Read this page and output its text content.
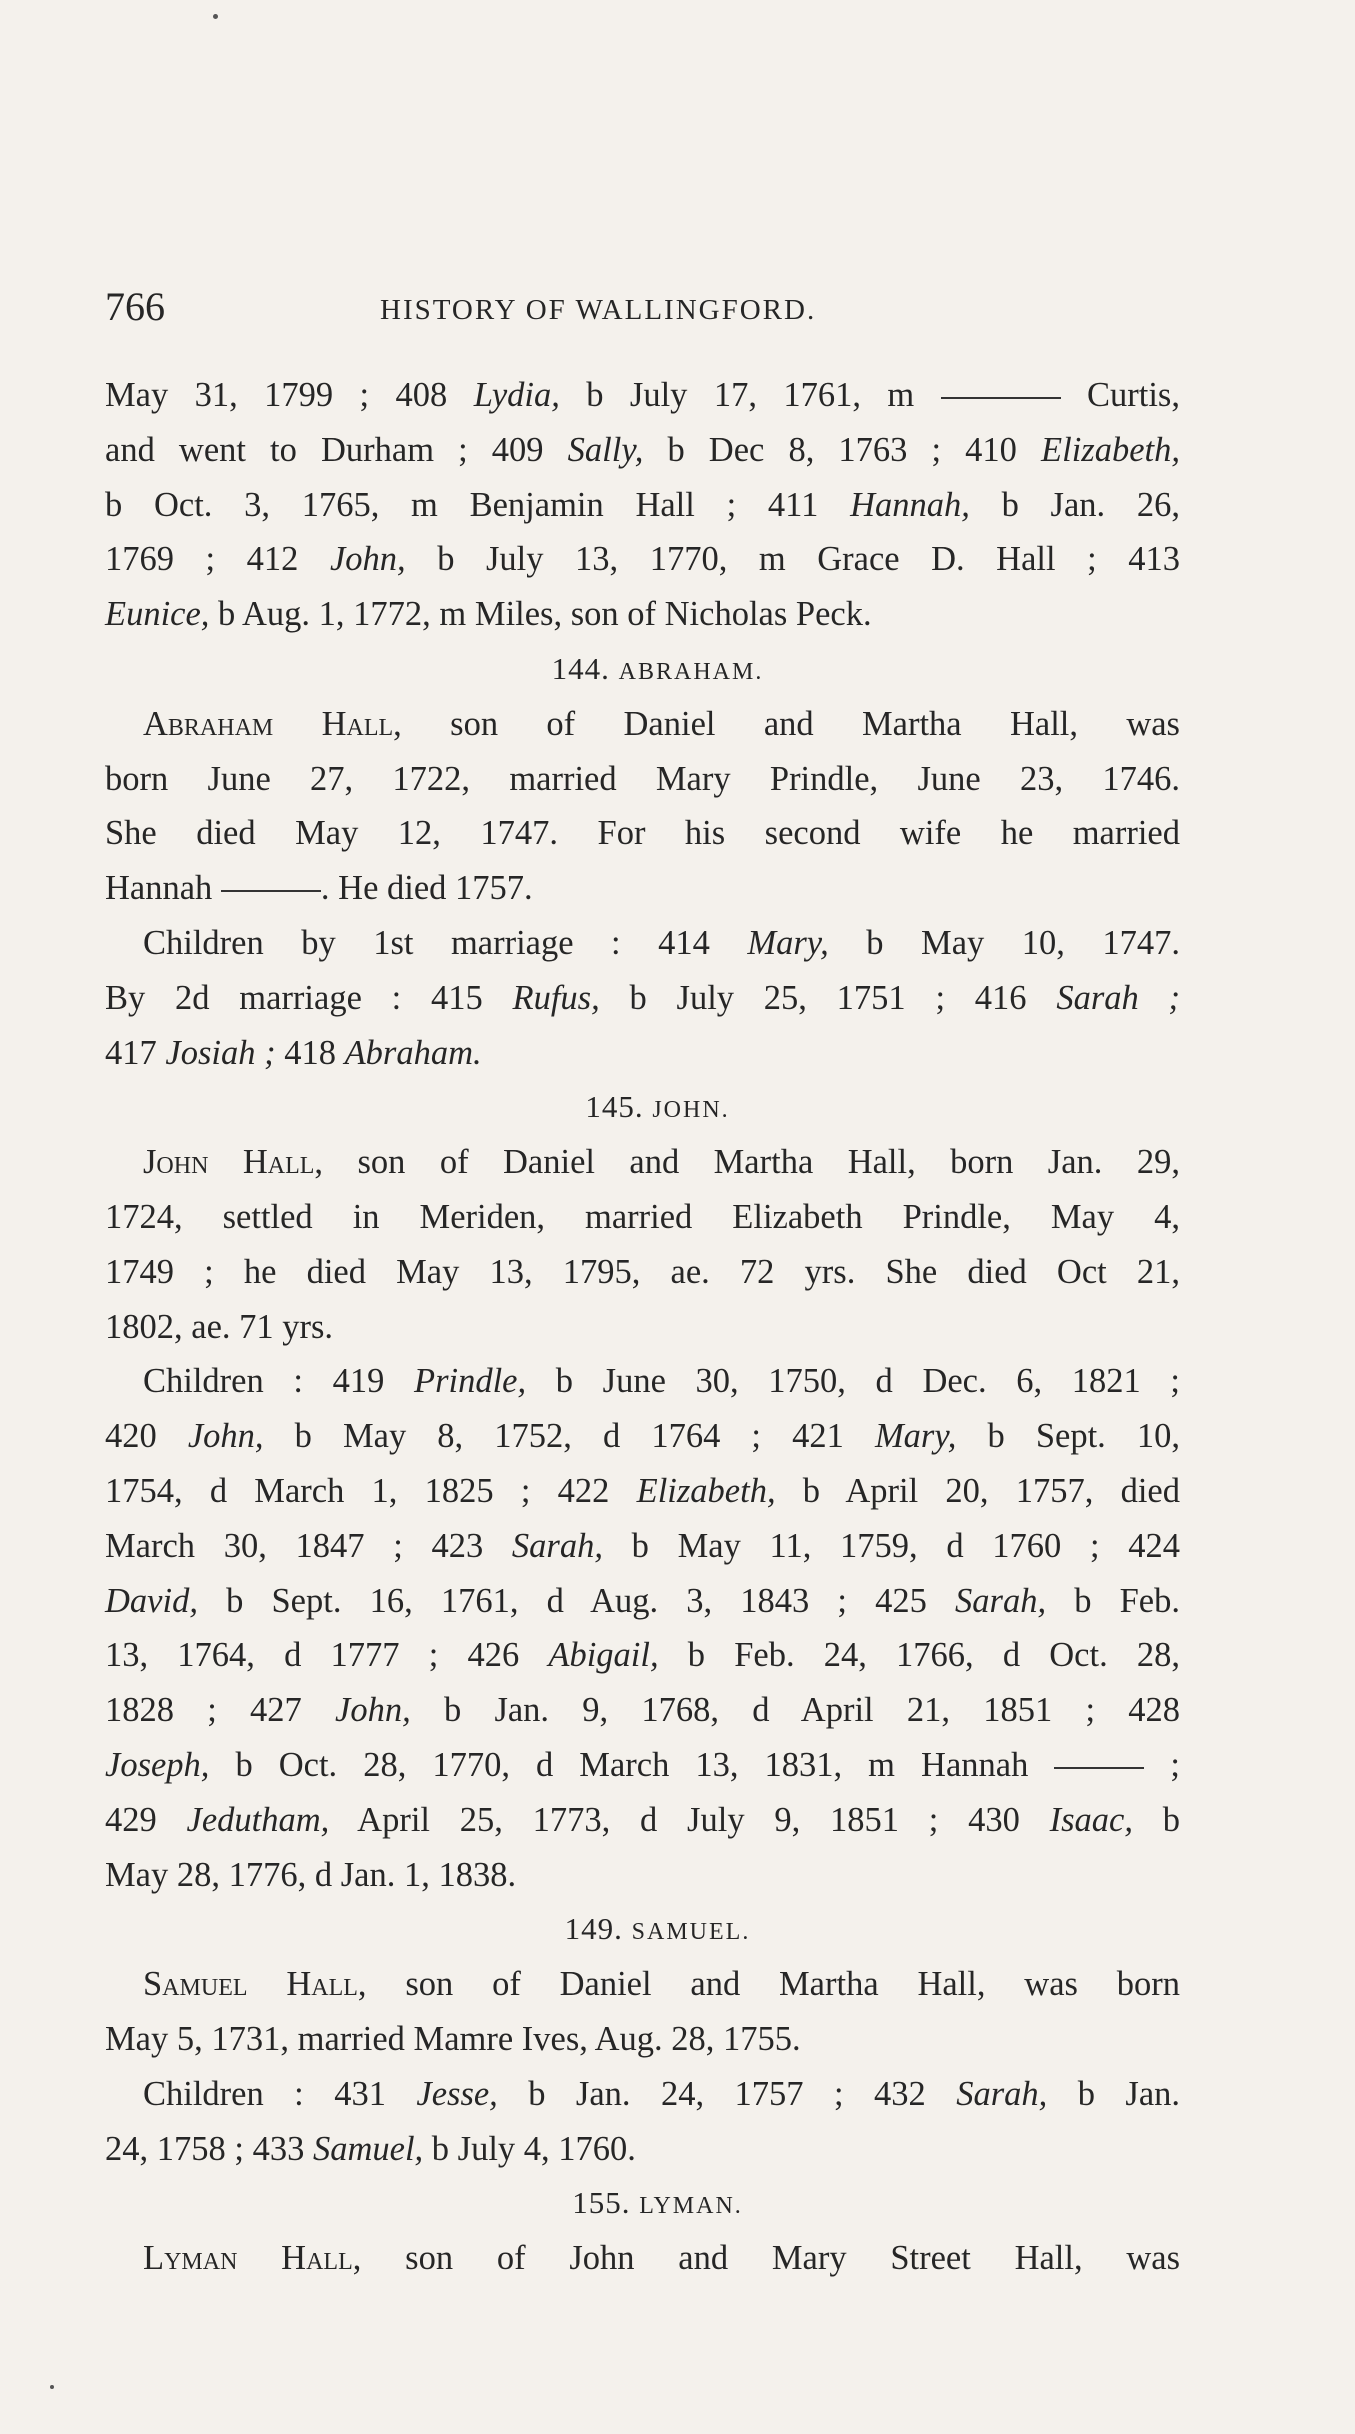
766	HISTORY OF WALLINGFORD.
May 31, 1799 ; 408 Lydia, b July 17, 1761, m	Curtis,
and went to Durham ; 409 Sally, b Dec 8, 1763 ; 410 Elizabeth,
b Oct. 3, 1765, m Benjamin Hall ; 411 Hannah, b Jan. 26,
1769 ; 412 John, b July 13, 1770, m Grace D. Hall ; 413
Eunice, b Aug. 1, 1772, m Miles, son of Nicholas Peck.
144. ABRAHAM.
Abraham Hall, son of Daniel and Martha Hall, was
born June 27, 1722, married Mary Prindle, June 23, 1746.
She died May 12, 1747. For his second wife he married
Hannah	. He died 1757.
Children by 1st marriage : 414 Mary, b May 10, 1747.
By 2d marriage : 415 Rufus, b July 25, 1751 ; 416 Sarah ;
417 Josiah ; 418 Abraham.
145. JOHN.
John Hall, son of Daniel and Martha Hall, born Jan. 29,
1724, settled in Meriden, married Elizabeth Prindle, May 4,
1749 ; he died May 13, 1795, ae. 72 yrs. She died Oct 21,
1802, ae. 71 yrs.
Children : 419 Prindle, b June 30, 1750, d Dec. 6, 1821 ;
420 John, b May 8, 1752, d 1764 ; 421 Mary, b Sept. 10,
1754, d March 1, 1825 ; 422 Elizabeth, b April 20, 1757, died
March 30, 1847 ; 423 Sarah, b May 11, 1759, d 1760 ; 424
David, b Sept. 16, 1761, d Aug. 3, 1843 ; 425 Sarah, b Feb.
13, 1764, d 1777 ; 426 Abigail, b Feb. 24, 1766, d Oct. 28,
1828 ; 427 John, b Jan. 9, 1768, d April 21, 1851 ; 428
Joseph, b Oct. 28, 1770, d March 13, 1831, m Hannah	;
429 Jedutham, April 25, 1773, d July 9, 1851 ; 430 Isaac, b
May 28, 1776, d Jan. 1, 1838.
149. SAMUEL.
Samuel Hall, son of Daniel and Martha Hall, was born
May 5, 1731, married Mamre Ives, Aug. 28, 1755.
Children : 431 Jesse, b Jan. 24, 1757 ; 432 Sarah, b Jan.
24, 1758 ; 433 Samuel, b July 4, 1760.
155. LYMAN.
Lyman Hall, son of John and Mary Street Hall, was
